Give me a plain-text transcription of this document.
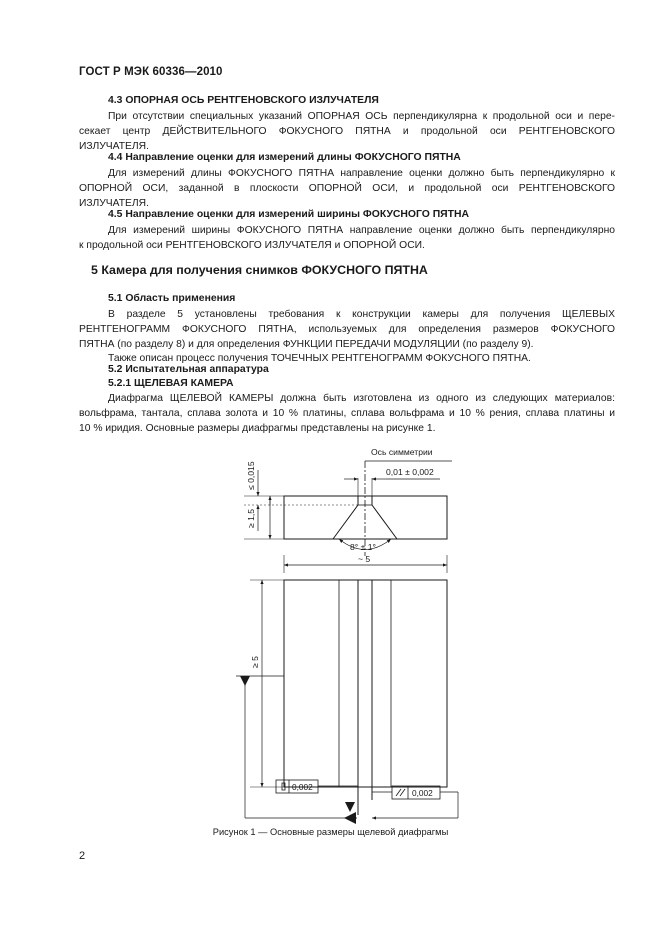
ГОСТ Р МЭК 60336—2010
4.3 ОПОРНАЯ ОСЬ РЕНТГЕНОВСКОГО ИЗЛУЧАТЕЛЯ

При отсутствии специальных указаний ОПОРНАЯ ОСЬ перпендикулярна к продольной оси и пере-
секает центр ДЕЙСТВИТЕЛЬНОГО ФОКУСНОГО ПЯТНА и продольной оси РЕНТГЕНОВСКОГО
ИЗЛУЧАТЕЛЯ.

4.4 Направление оценки для измерений длины ФОКУСНОГО ПЯТНА

Для измерений длины ФОКУСНОГО ПЯТНА направление оценки должно быть перпендикулярно к
ОПОРНОЙ ОСИ, заданной в плоскости ОПОРНОЙ ОСИ, и продольной оси РЕНТГЕНОВСКОГО
ИЗЛУЧАТЕЛЯ.

4.5 Направление оценки для измерений ширины ФОКУСНОГО ПЯТНА

Для измерений ширины ФОКУСНОГО ПЯТНА направление оценки должно быть перпендикулярно
к продольной оси РЕНТГЕНОВСКОГО ИЗЛУЧАТЕЛЯ и ОПОРНОЙ ОСИ.

5 Камера для получения снимков ФОКУСНОГО ПЯТНА
5.1 Область применения

В разделе 5 установлены требования к конструкции камеры для получения ЩЕЛЕВЫХ
РЕНТГЕНОГРАММ ФОКУСНОГО ПЯТНА, используемых для определения размеров ФОКУСНОГО
ПЯТНА (по разделу 8) и для определения ФУНКЦИИ ПЕРЕДАЧИ МОДУЛЯЦИИ (по разделу 9).

Также описан процесс получения ТОЧЕЧНЫХ РЕНТГЕНОГРАММ ФОКУСНОГО ПЯТНА.

5.2 Испытательная аппаратура
5.2.1 ЩЕЛЕВАЯ КАМЕРА

Диафрагма ЩЕЛЕВОЙ КАМЕРЫ должна быть изготовлена из одного из следующих материалов:
вольфрама, тантала, сплава золота и 10 % платины, сплава вольфрама и 10 % рения, сплава платины и
10 % иридия. Основные размеры диафрагмы представлены на рисунке 1.

Ось симметрии
0,01 ± 0,002
≤ 0,015
≥ 1,5
8° ± 1°
~ 5
≥ 5
0,002
0,002
Рисунок 1 — Основные размеры щелевой диафрагмы
2
